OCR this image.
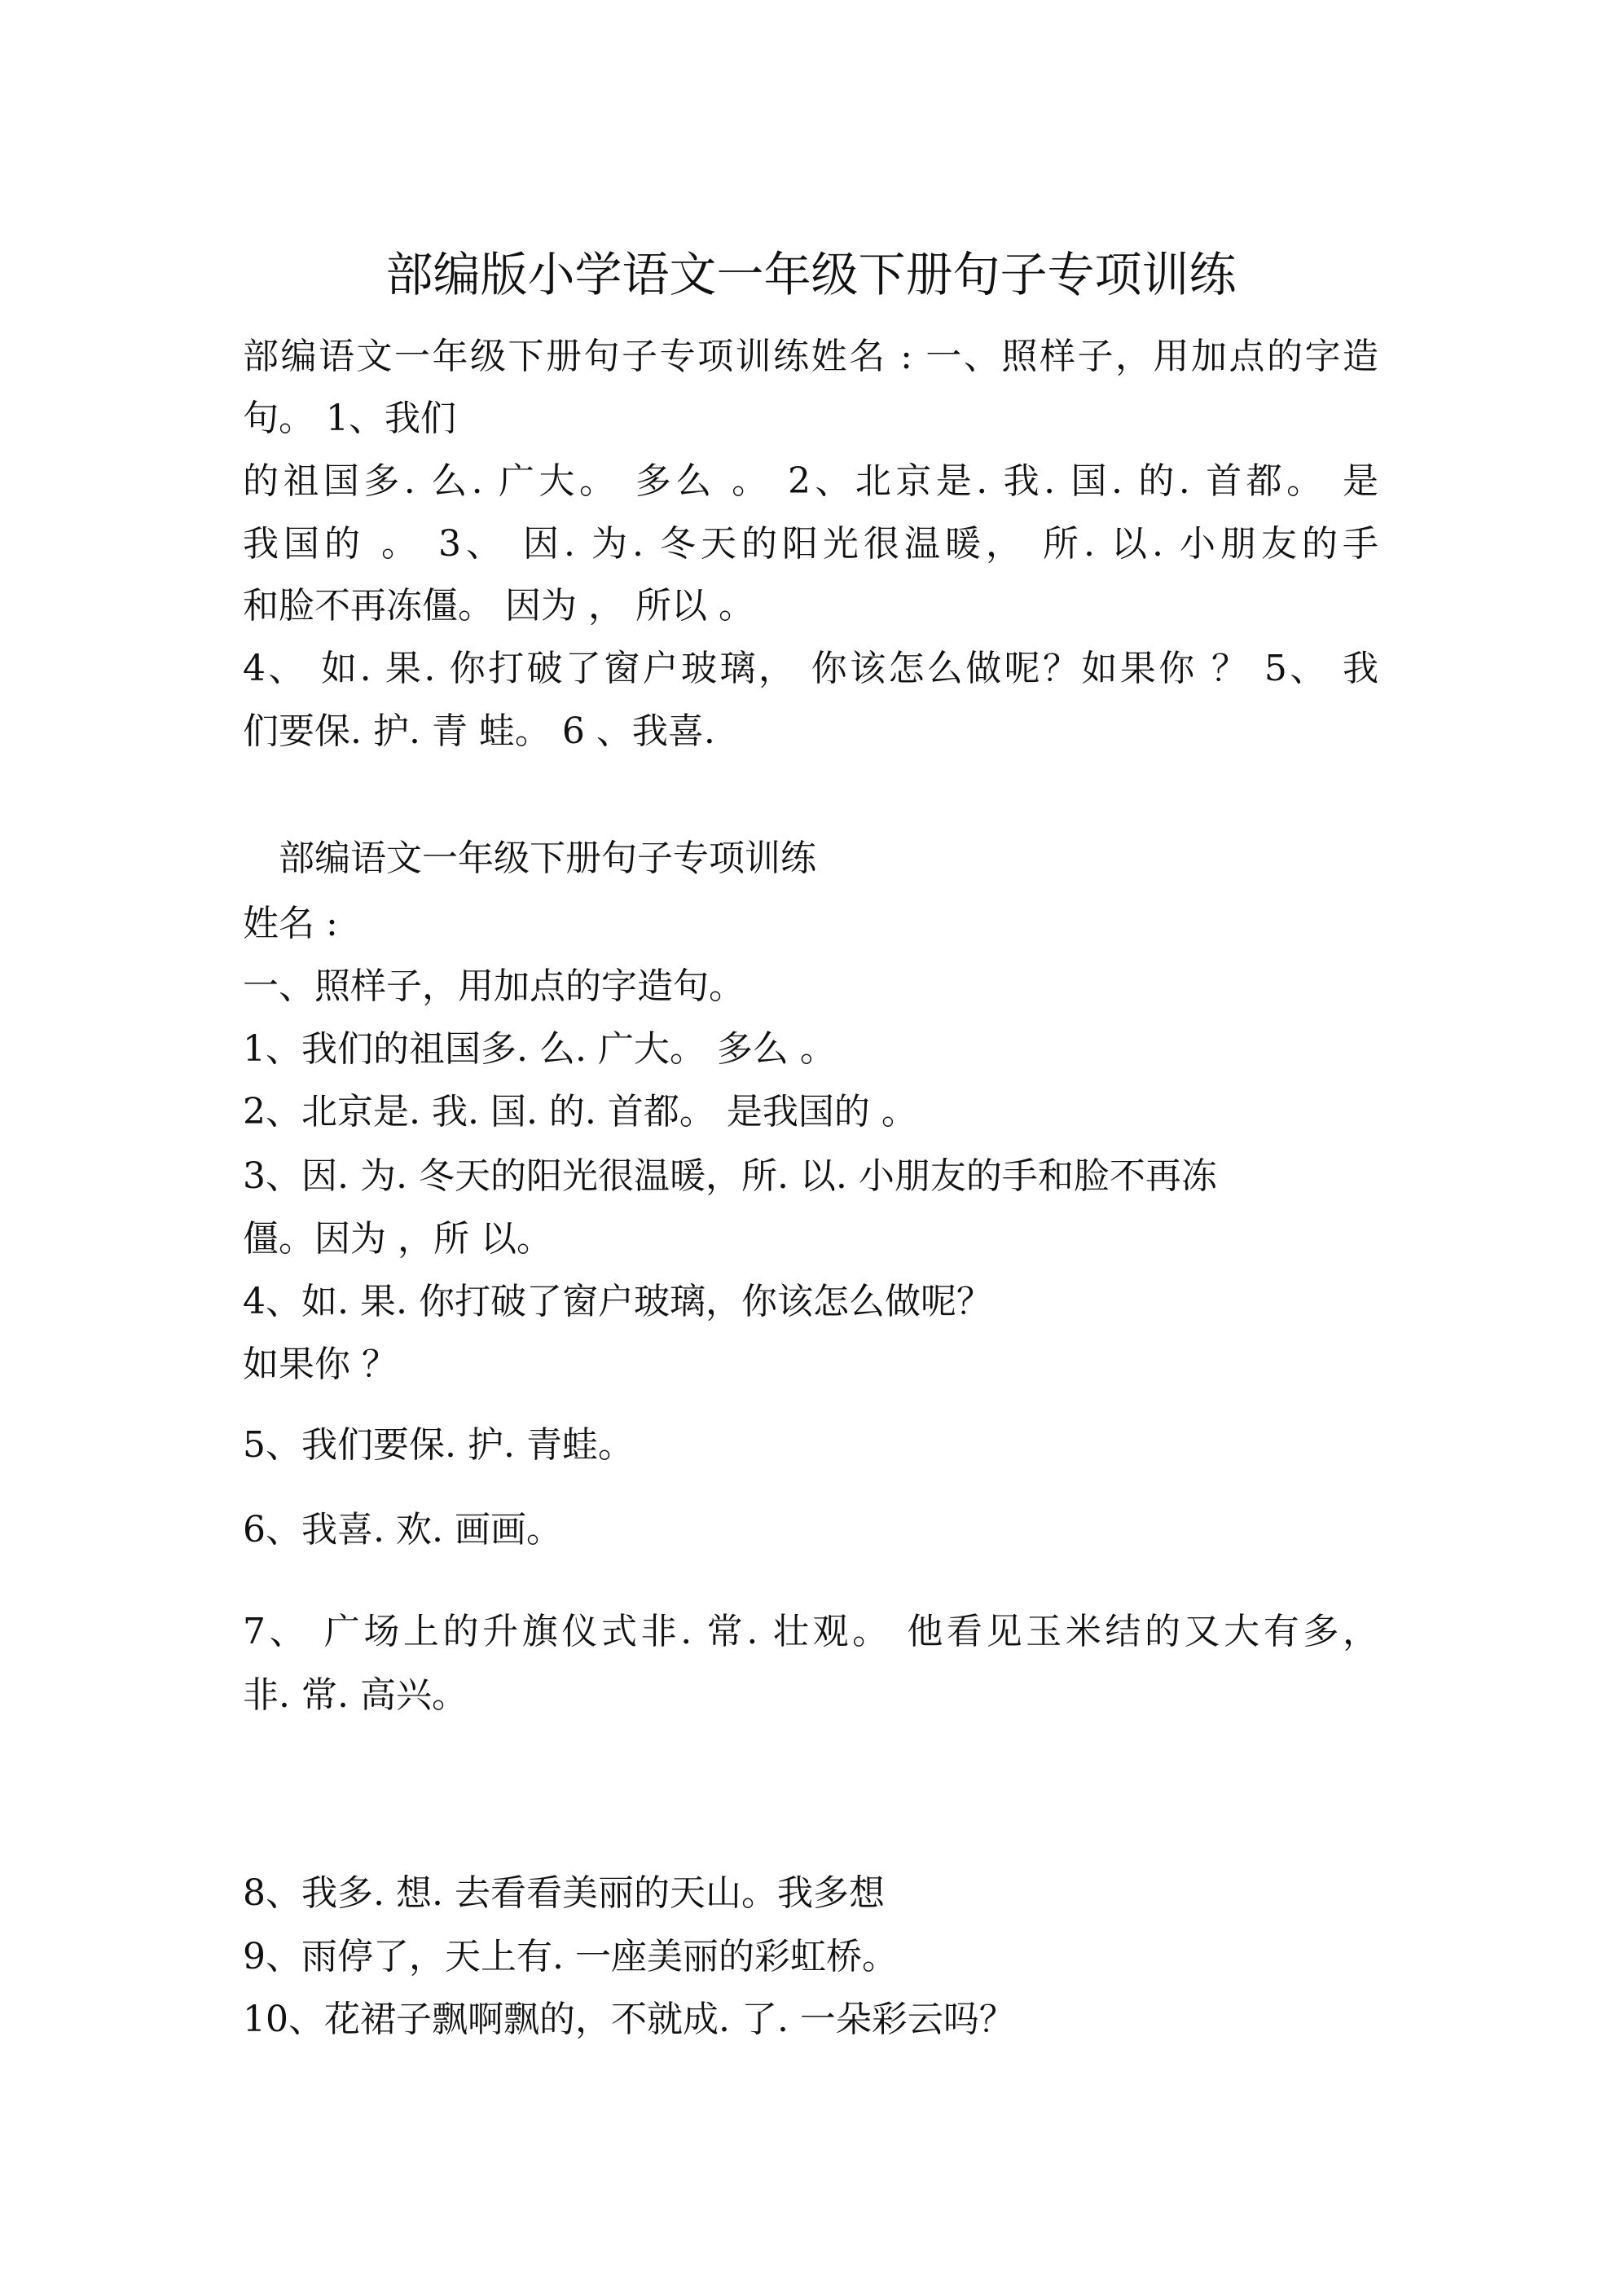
部编版小学语文一年级下册句子专项训练

部编语文一年级下册句子专项训练姓名 : 一、照样子，用加点的字造

句。 1、我们

的祖国多. 么. 广大。 多么 。 2、北京是. 我. 国. 的. 首都。 是

我国的 。 3、 因. 为. 冬天的阳光很温暖， 所. 以. 小朋友的手

和脸不再冻僵。 因为 ， 所以 。

4、 如. 果. 你打破了窗户玻璃， 你该怎么做呢？如果你 ？ 5、 我

们要保. 护. 青 蛙。 6 、我喜.

部编语文一年级下册句子专项训练

姓名 :

一、照样子，用加点的字造句。

1、我们的祖国多. 么. 广大。 多么 。

2、北京是. 我. 国. 的. 首都。 是我国的 。

3、因. 为. 冬天的阳光很温暖，所. 以. 小朋友的手和脸不再冻

僵。因为 ，所 以。

4、如. 果. 你打破了窗户玻璃，你该怎么做呢？

如果你 ？

5、我们要保. 护. 青蛙。

6、我喜. 欢. 画画。

7、 广场上的升旗仪式非. 常. 壮观。 他看见玉米结的又大有多，

非. 常. 高兴。

8、我多. 想. 去看看美丽的天山。我多想

9、雨停了，天上有. 一座美丽的彩虹桥。

10、花裙子飘啊飘的，不就成. 了. 一朵彩云吗？
